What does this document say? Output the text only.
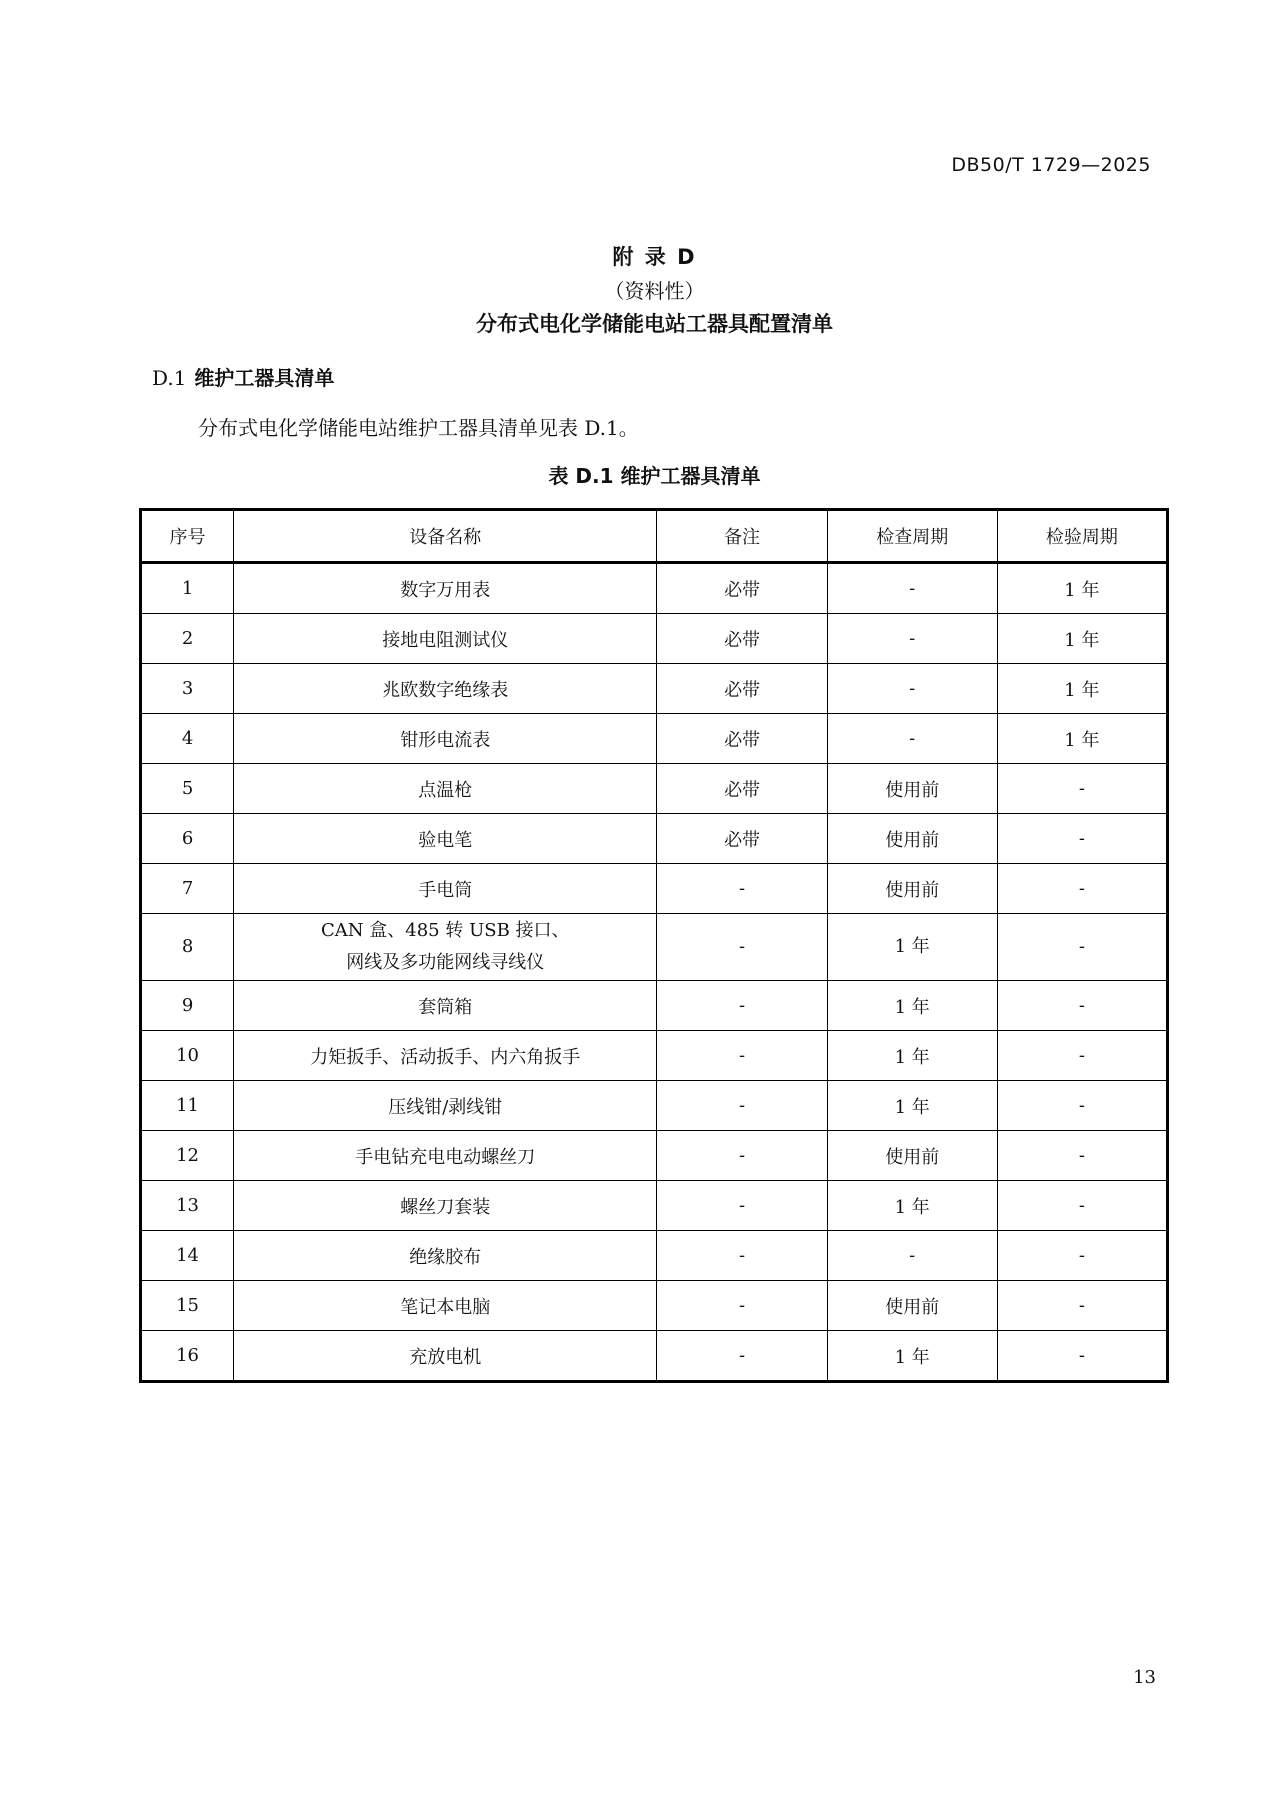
DB50/T 1729—2025
附 录 D
（资料性）
分布式电化学储能电站工器具配置清单
D.1 维护工器具清单
分布式电化学储能电站维护工器具清单见表 D.1。
表 D.1 维护工器具清单
序号	设备名称	备注	检查周期	检验周期
1	数字万用表	必带	-	1 年
2	接地电阻测试仪	必带	-	1 年
3	兆欧数字绝缘表	必带	-	1 年
4	钳形电流表	必带	-	1 年
5	点温枪	必带	使用前	-
6	验电笔	必带	使用前	-
7	手电筒	-	使用前	-
8	CAN 盒、485 转 USB 接口、
网线及多功能网线寻线仪	-	1 年	-
9	套筒箱	-	1 年	-
10	力矩扳手、活动扳手、内六角扳手	-	1 年	-
11	压线钳/剥线钳	-	1 年	-
12	手电钻充电电动螺丝刀	-	使用前	-
13	螺丝刀套装	-	1 年	-
14	绝缘胶布	-	-	-
15	笔记本电脑	-	使用前	-
16	充放电机	-	1 年	-
13
